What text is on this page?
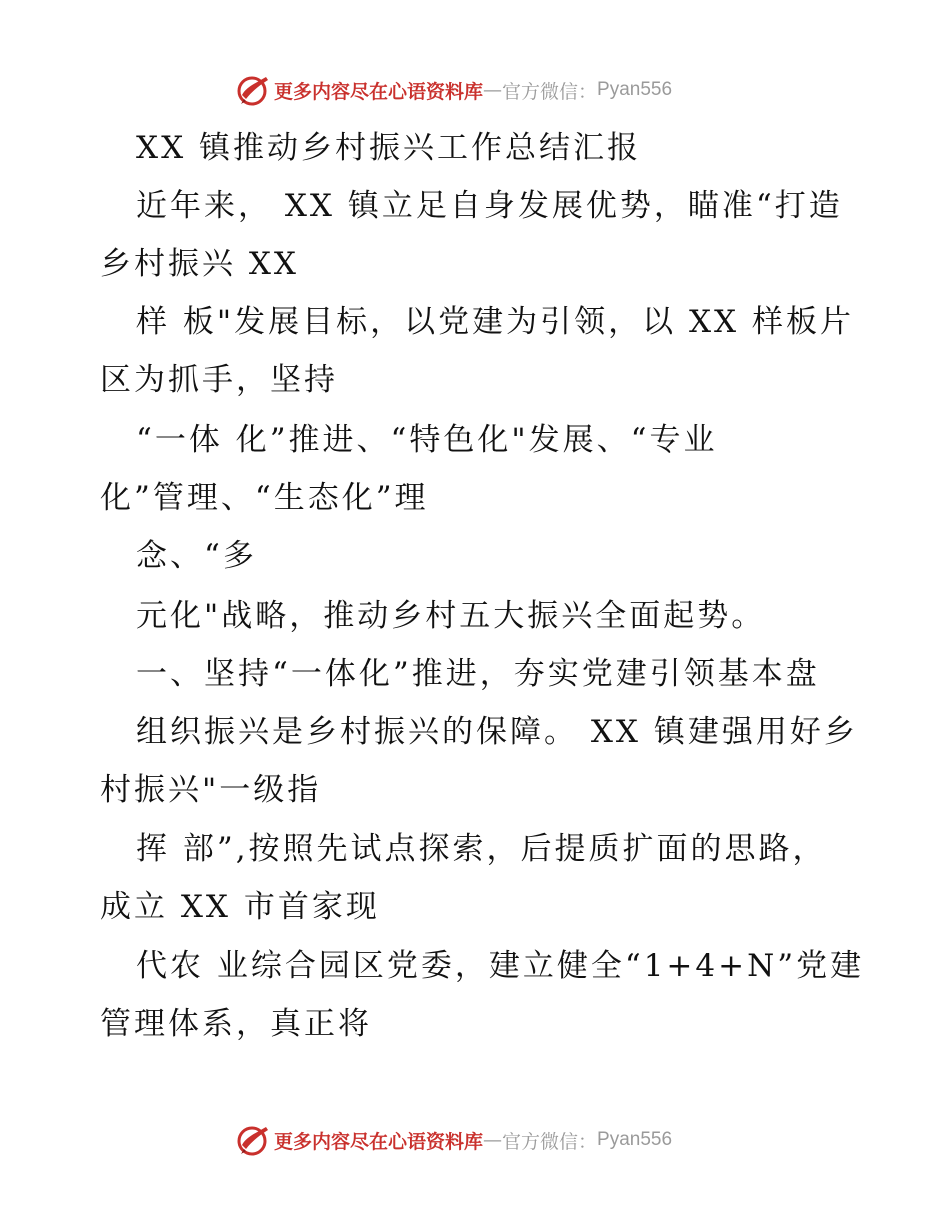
更多内容尽在心语资料库 — 官方微信： Pyan556
XX 镇推动乡村振兴工作总结汇报
近年来， XX 镇立足自身发展优势，瞄准“打造
乡村振兴 XX
样 板"发展目标，以党建为引领，以 XX 样板片
区为抓手，坚持
“一体 化”推进、“特色化"发展、“专业
化”管理、“生态化”理
念、“多
元化"战略，推动乡村五大振兴全面起势。
一、坚持“一体化”推进，夯实党建引领基本盘
组织振兴是乡村振兴的保障。 XX 镇建强用好乡
村振兴"一级指
挥 部”,按照先试点探索，后提质扩面的思路，
成立 XX 市首家现
代农 业综合园区党委，建立健全“1+4+N”党建
管理体系，真正将
更多内容尽在心语资料库 — 官方微信： Pyan556
